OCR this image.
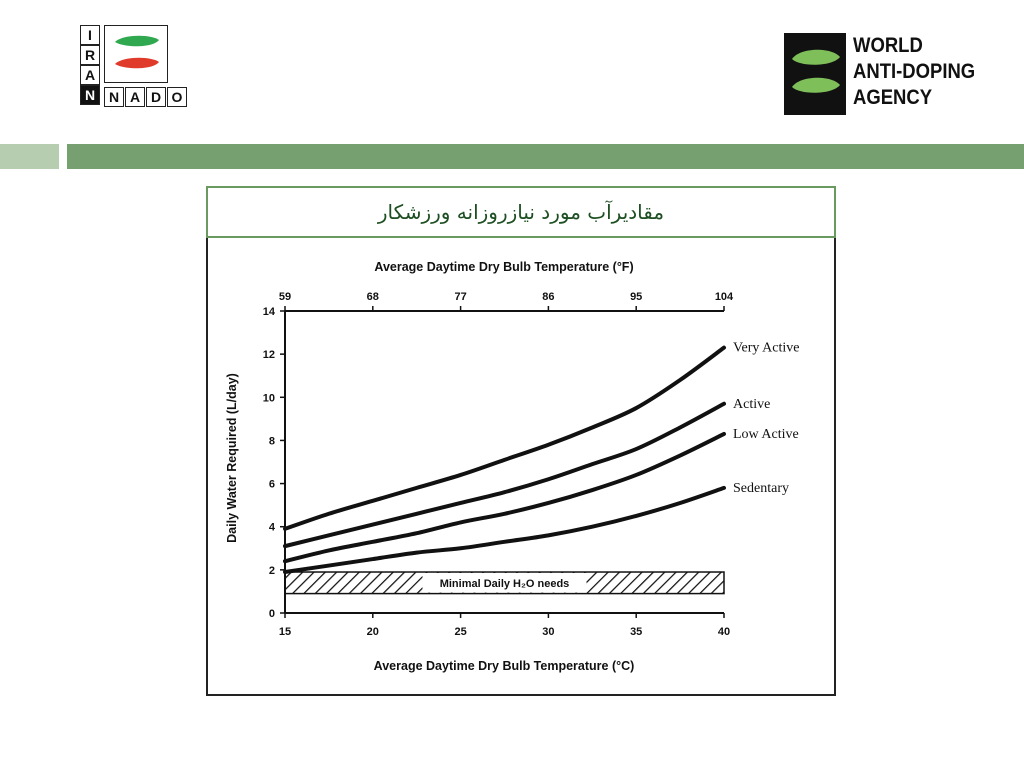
I
R
A
N N A D O
WORLD
ANTI-DOPING
AGENCY
مقادیرآب مورد نیازروزانه ورزشکار
Average Daytime Dry Bulb Temperature (°F)
59	68	77	86	95	104
15	20	25	30	35	40
0
2
4
6
8
10
12
14
Minimal Daily H₂O needs
Very Active
Active
Low Active
Sedentary
Average Daytime Dry Bulb Temperature (°C)
Daily Water Required (L/day)
